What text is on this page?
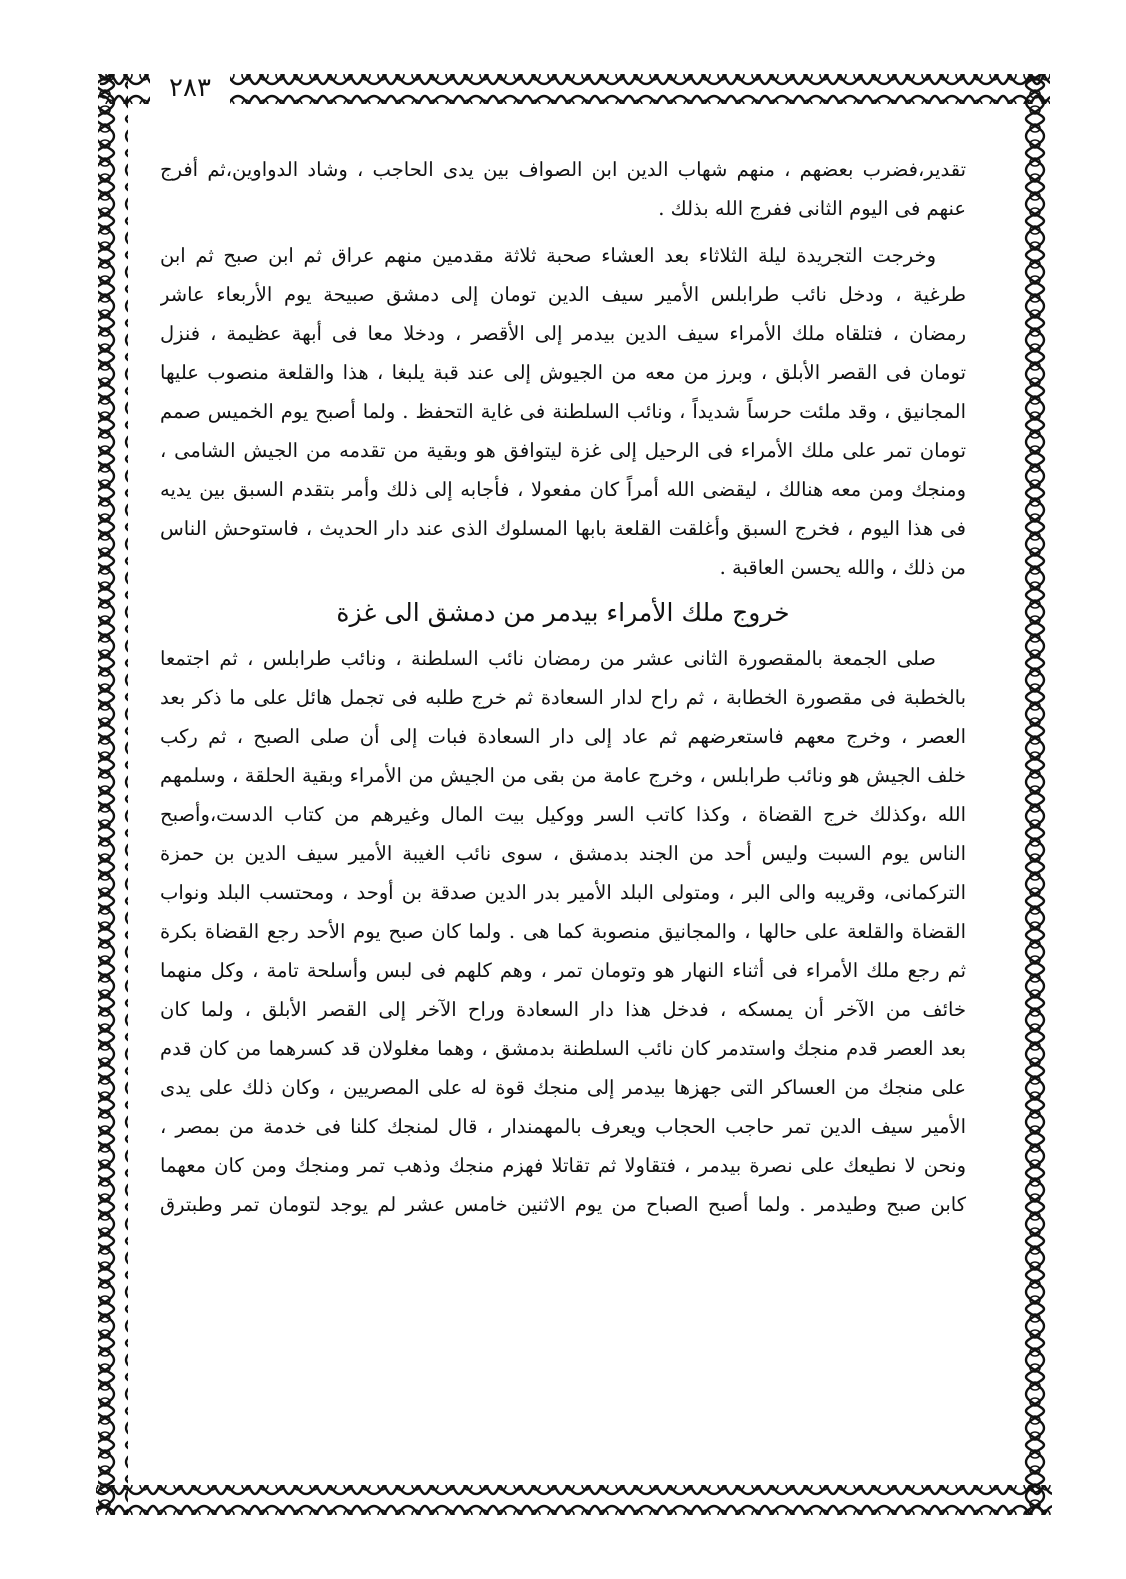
٢٨٣
تقدير،فضرب بعضهم ، منهم شهاب الدين ابن الصواف بين يدى الحاجب ، وشاد الدواوين،ثم أفرج
عنهم فى اليوم الثانى ففرج الله بذلك .
وخرجت التجريدة ليلة الثلاثاء بعد العشاء صحبة ثلاثة مقدمين منهم عراق ثم ابن صبح ثم ابن
طرغية ، ودخل نائب طرابلس الأمير سيف الدين تومان إلى دمشق صبيحة يوم الأربعاء عاشر
رمضان ، فتلقاه ملك الأمراء سيف الدين بيدمر إلى الأقصر ، ودخلا معا فى أبهة عظيمة ، فنزل
تومان فى القصر الأبلق ، وبرز من معه من الجيوش إلى عند قبة يلبغا ، هذا والقلعة منصوب عليها
المجانيق ، وقد ملئت حرساً شديداً ، ونائب السلطنة فى غاية التحفظ . ولما أصبح يوم الخميس صمم
تومان تمر على ملك الأمراء فى الرحيل إلى غزة ليتوافق هو وبقية من تقدمه من الجيش الشامى ،
ومنجك ومن معه هنالك ، ليقضى الله أمراً كان مفعولا ، فأجابه إلى ذلك وأمر بتقدم السبق بين يديه
فى هذا اليوم ، فخرج السبق وأغلقت القلعة بابها المسلوك الذى عند دار الحديث ، فاستوحش الناس
من ذلك ، والله يحسن العاقبة .
خروج ملك الأمراء بيدمر من دمشق الى غزة
صلى الجمعة بالمقصورة الثانى عشر من رمضان نائب السلطنة ، ونائب طرابلس ، ثم اجتمعا
بالخطبة فى مقصورة الخطابة ، ثم راح لدار السعادة ثم خرج طلبه فى تجمل هائل على ما ذكر بعد
العصر ، وخرج معهم فاستعرضهم ثم عاد إلى دار السعادة فبات إلى أن صلى الصبح ، ثم ركب
خلف الجيش هو ونائب طرابلس ، وخرج عامة من بقى من الجيش من الأمراء وبقية الحلقة ، وسلمهم
الله ،وكذلك خرج القضاة ، وكذا كاتب السر ووكيل بيت المال وغيرهم من كتاب الدست،وأصبح
الناس يوم السبت وليس أحد من الجند بدمشق ، سوى نائب الغيبة الأمير سيف الدين بن حمزة
التركمانى، وقريبه والى البر ، ومتولى البلد الأمير بدر الدين صدقة بن أوحد ، ومحتسب البلد ونواب
القضاة والقلعة على حالها ، والمجانيق منصوبة كما هى . ولما كان صبح يوم الأحد رجع القضاة بكرة
ثم رجع ملك الأمراء فى أثناء النهار هو وتومان تمر ، وهم كلهم فى لبس وأسلحة تامة ، وكل منهما
خائف من الآخر أن يمسكه ، فدخل هذا دار السعادة وراح الآخر إلى القصر الأبلق ، ولما كان
بعد العصر قدم منجك واستدمر كان نائب السلطنة بدمشق ، وهما مغلولان قد كسرهما من كان قدم
على منجك من العساكر التى جهزها بيدمر إلى منجك قوة له على المصريين ، وكان ذلك على يدى
الأمير سيف الدين تمر حاجب الحجاب ويعرف بالمهمندار ، قال لمنجك كلنا فى خدمة من بمصر ،
ونحن لا نطيعك على نصرة بيدمر ، فتقاولا ثم تقاتلا فهزم منجك وذهب تمر ومنجك ومن كان معهما
كابن صبح وطيدمر . ولما أصبح الصباح من يوم الاثنين خامس عشر لم يوجد لتومان تمر وطبترق
